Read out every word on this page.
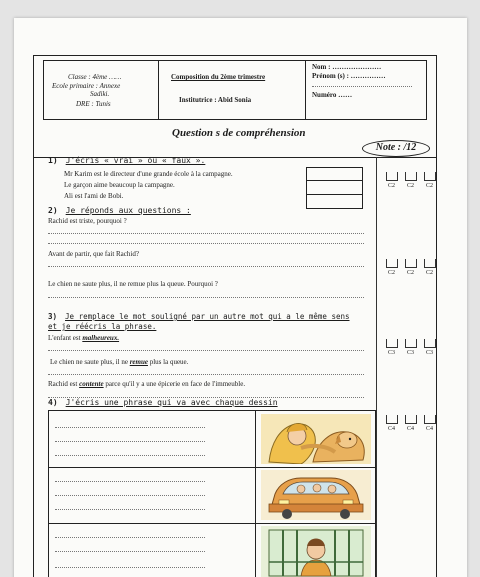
Classe : 4ème ……
Ecole primaire : Annexe
Sadiki.
DRE : Tunis
Composition du 2ème trimestre
Institutrice : Abid Sonia
Nom : …………………
Prénom (s) : ……………
Numéro ……
Question s de compréhension
Note : /12
1) J'écris « vrai » ou « faux ».
Mr Karim est le directeur d'une grande école à la campagne.
Le garçon aime beaucoup la campagne.
Ali est l'ami de Bobi.
C2 C2 C2
2) Je réponds aux questions :
Rachid est triste, pourquoi ?
Avant de partir, que fait Rachid?
Le chien ne saute plus, il ne remue plus la queue. Pourquoi ?
C2 C2 C2
3) Je remplace le mot souligné par un autre mot qui a le même sens
et je réécris la phrase.
L'enfant est malheureux.
Le chien ne saute plus, il ne remue plus la queue.
Rachid est contente parce qu'il y a une épicerie en face de l'immeuble.
C3 C3 C3
4) J'écris une phrase qui va avec chaque dessin
C4 C4 C4
